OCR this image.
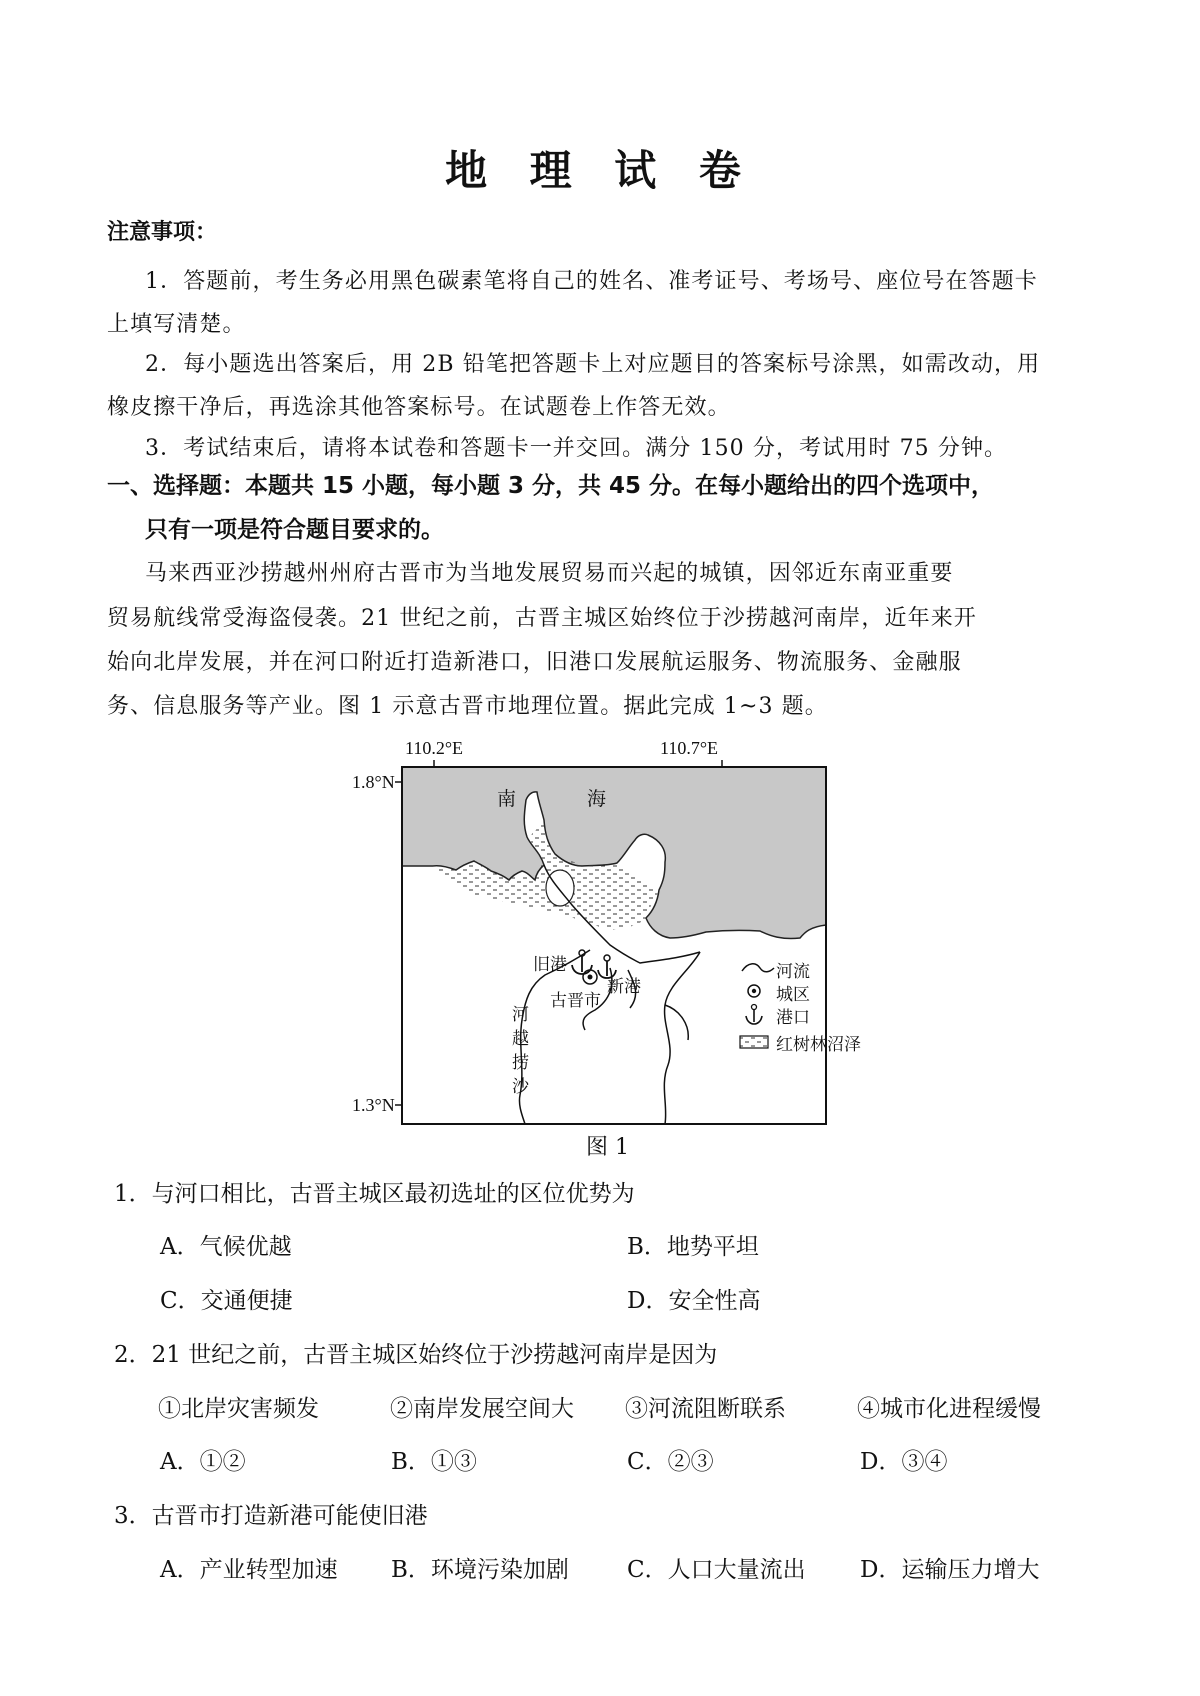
地 理 试 卷
注意事项：
1．答题前，考生务必用黑色碳素笔将自己的姓名、准考证号、考场号、座位号在答题卡
上填写清楚。
2．每小题选出答案后，用 2B 铅笔把答题卡上对应题目的答案标号涂黑，如需改动，用
橡皮擦干净后，再选涂其他答案标号。在试题卷上作答无效。
3．考试结束后，请将本试卷和答题卡一并交回。满分 150 分，考试用时 75 分钟。
一、选择题：本题共 15 小题，每小题 3 分，共 45 分。在每小题给出的四个选项中，
只有一项是符合题目要求的。
马来西亚沙捞越州州府古晋市为当地发展贸易而兴起的城镇，因邻近东南亚重要
贸易航线常受海盗侵袭。21 世纪之前，古晋主城区始终位于沙捞越河南岸，近年来开
始向北岸发展，并在河口附近打造新港口，旧港口发展航运服务、物流服务、金融服
务、信息服务等产业。图 1 示意古晋市地理位置。据此完成 1~3 题。
110.2°E	110.7°E
1.8°N
1.3°N
南	海
旧港
新港
古晋市
河
越
捞
沙
河流
城区
港口
红树林沼泽
图 1
1．与河口相比，古晋主城区最初选址的区位优势为
A．气候优越	B．地势平坦
C．交通便捷	D．安全性高
2．21 世纪之前，古晋主城区始终位于沙捞越河南岸是因为
①北岸灾害频发	②南岸发展空间大 ③河流阻断联系	④城市化进程缓慢
A．①②	B．①③	C．②③	D．③④
3．古晋市打造新港可能使旧港
A．产业转型加速 B．环境污染加剧	C．人口大量流出 D．运输压力增大
